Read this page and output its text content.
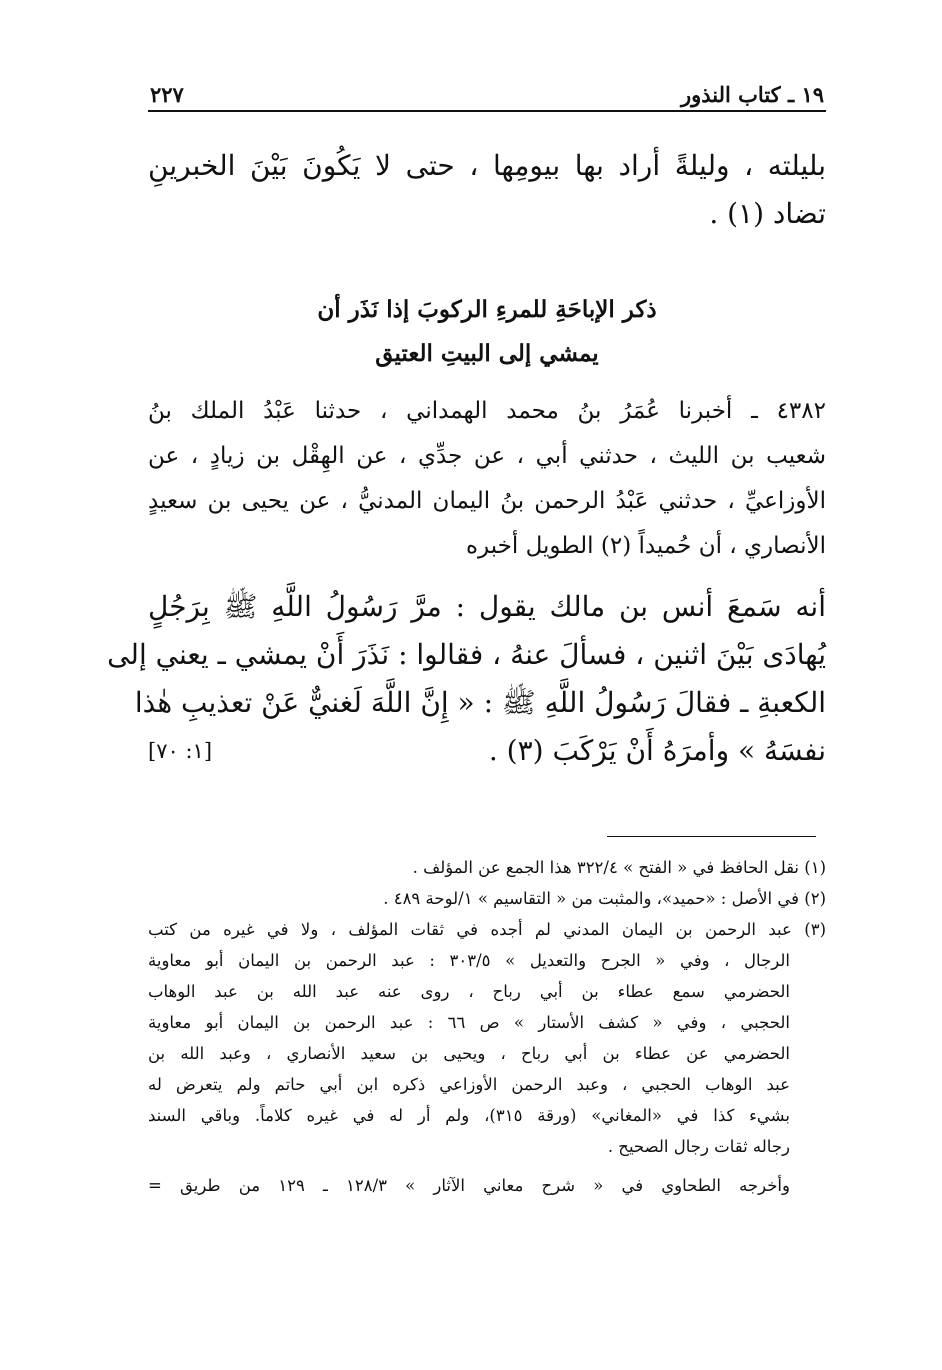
١٩ ـ كتاب النذور
٢٢٧
بليلته ، وليلةً أراد بها بيومِها ، حتى لا يَكُونَ بَيْنَ الخبرينِ
تضاد (١) .
ذكر الإباحَةِ للمرءِ الركوبَ إذا نَذَر أن
يمشي إلى البيتِ العتيق
٤٣٨٢ ـ أخبرنا عُمَرُ بنُ محمد الهمداني ، حدثنا عَبْدُ الملك بنُ
شعيب بن الليث ، حدثني أبي ، عن جدِّي ، عن الهِقْل بن زيادٍ ، عن
الأوزاعيِّ ، حدثني عَبْدُ الرحمن بنُ اليمان المدنيُّ ، عن يحيى بن سعيدٍ
الأنصاري ، أن حُميداً (٢) الطويل أخبره
أنه سَمعَ أنس بن مالك يقول : مرَّ رَسُولُ اللَّهِ ﷺ بِرَجُلٍ
يُهادَى بَيْنَ اثنين ، فسألَ عنهُ ، فقالوا : نَذَرَ أَنْ يمشي ـ يعني إلى
الكعبةِ ـ فقالَ رَسُولُ اللَّهِ ﷺ : « إِنَّ اللَّهَ لَغنيٌّ عَنْ تعذيبِ هٰذا
نفسَهُ » وأمرَهُ أَنْ يَرْكَبَ (٣) .
[١: ٧٠]
(١) نقل الحافظ في « الفتح » ٣٢٢/٤ هذا الجمع عن المؤلف .
(٢) في الأصل : «حميد»، والمثبت من « التقاسيم » ١/لوحة ٤٨٩ .
(٣) عبد الرحمن بن اليمان المدني لم أجده في ثقات المؤلف ، ولا في غيره من كتب
الرجال ، وفي « الجرح والتعديل » ٣٠٣/٥ : عبد الرحمن بن اليمان أبو معاوية
الحضرمي سمع عطاء بن أبي رباح ، روى عنه عبد الله بن عبد الوهاب
الحجبي ، وفي « كشف الأستار » ص ٦٦ : عبد الرحمن بن اليمان أبو معاوية
الحضرمي عن عطاء بن أبي رباح ، ويحيى بن سعيد الأنصاري ، وعبد الله بن
عبد الوهاب الحجبي ، وعبد الرحمن الأوزاعي ذكره ابن أبي حاتم ولم يتعرض له
بشيء كذا في «المغاني» (ورقة ٣١٥)، ولم أر له في غيره كلاماً. وباقي السند
رجاله ثقات رجال الصحيح .
وأخرجه الطحاوي في « شرح معاني الآثار » ١٢٨/٣ ـ ١٢٩ من طريق =
